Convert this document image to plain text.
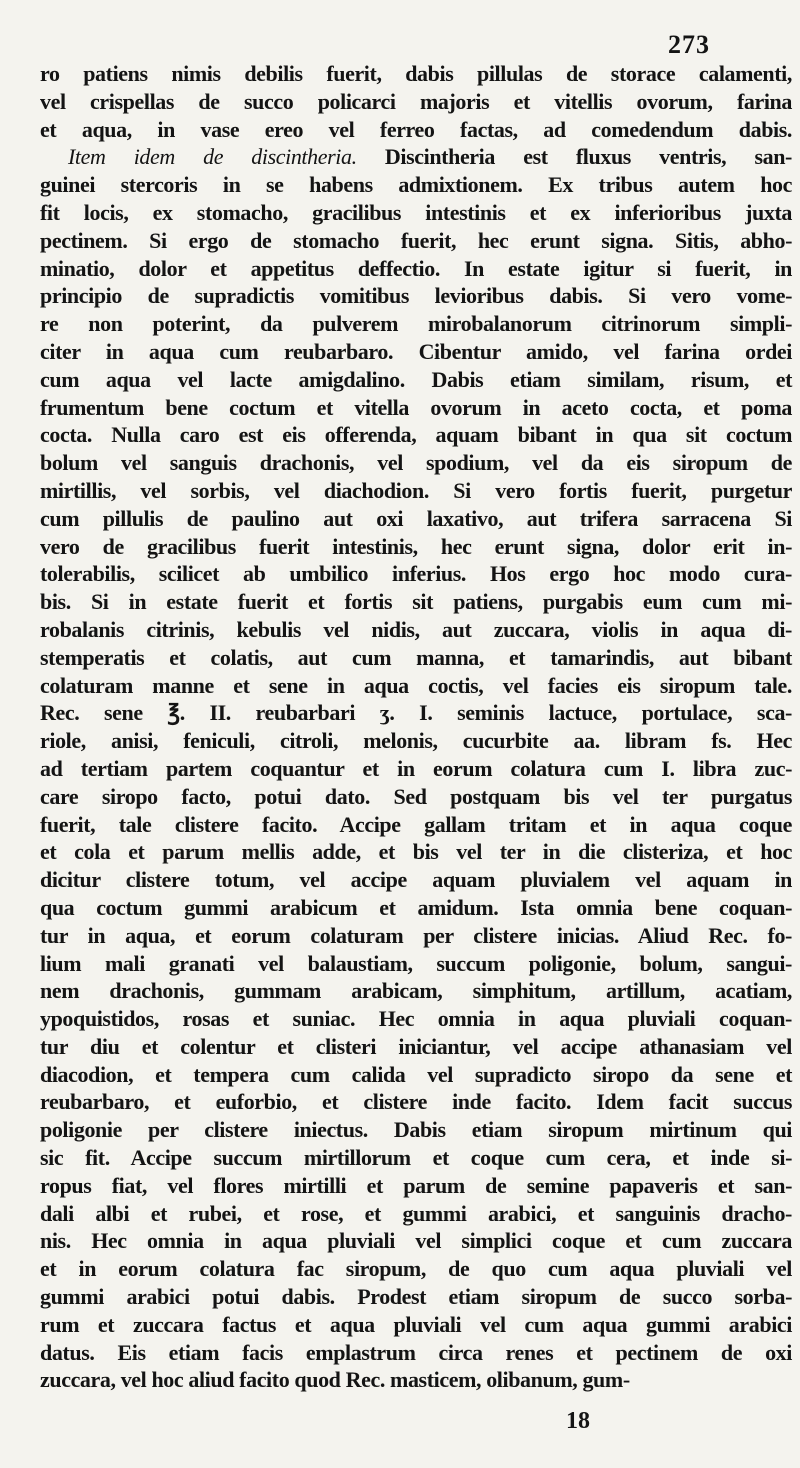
273
ro patiens nimis debilis fuerit, dabis pillulas de storace calamenti,
vel crispellas de succo policarci majoris et vitellis ovorum, farina
et aqua, in vase ereo vel ferreo factas, ad comedendum dabis.
Item idem de discintheria. Discintheria est fluxus ventris, san-
guinei stercoris in se habens admixtionem. Ex tribus autem hoc
fit locis, ex stomacho, gracilibus intestinis et ex inferioribus juxta
pectinem. Si ergo de stomacho fuerit, hec erunt signa. Sitis, abho-
minatio, dolor et appetitus deffectio. In estate igitur si fuerit, in
principio de supradictis vomitibus levioribus dabis. Si vero vome-
re non poterint, da pulverem mirobalanorum citrinorum simpli-
citer in aqua cum reubarbaro. Cibentur amido, vel farina ordei
cum aqua vel lacte amigdalino. Dabis etiam similam, risum, et
frumentum bene coctum et vitella ovorum in aceto cocta, et poma
cocta. Nulla caro est eis offerenda, aquam bibant in qua sit coctum
bolum vel sanguis drachonis, vel spodium, vel da eis siropum de
mirtillis, vel sorbis, vel diachodion. Si vero fortis fuerit, purgetur
cum pillulis de paulino aut oxi laxativo, aut trifera sarracena Si
vero de gracilibus fuerit intestinis, hec erunt signa, dolor erit in-
tolerabilis, scilicet ab umbilico inferius. Hos ergo hoc modo cura-
bis. Si in estate fuerit et fortis sit patiens, purgabis eum cum mi-
robalanis citrinis, kebulis vel nidis, aut zuccara, violis in aqua di-
stemperatis et colatis, aut cum manna, et tamarindis, aut bibant
colaturam manne et sene in aqua coctis, vel facies eis siropum tale.
Rec. sene ℥. II. reubarbari ʒ. I. seminis lactuce, portulace, sca-
riole, anisi, feniculi, citroli, melonis, cucurbite aa. libram fs. Hec
ad tertiam partem coquantur et in eorum colatura cum I. libra zuc-
care siropo facto, potui dato. Sed postquam bis vel ter purgatus
fuerit, tale clistere facito. Accipe gallam tritam et in aqua coque
et cola et parum mellis adde, et bis vel ter in die clisteriza, et hoc
dicitur clistere totum, vel accipe aquam pluvialem vel aquam in
qua coctum gummi arabicum et amidum. Ista omnia bene coquan-
tur in aqua, et eorum colaturam per clistere inicias. Aliud Rec. fo-
lium mali granati vel balaustiam, succum poligonie, bolum, sangui-
nem drachonis, gummam arabicam, simphitum, artillum, acatiam,
ypoquistidos, rosas et suniac. Hec omnia in aqua pluviali coquan-
tur diu et colentur et clisteri iniciantur, vel accipe athanasiam vel
diacodion, et tempera cum calida vel supradicto siropo da sene et
reubarbaro, et euforbio, et clistere inde facito. Idem facit succus
poligonie per clistere iniectus. Dabis etiam siropum mirtinum qui
sic fit. Accipe succum mirtillorum et coque cum cera, et inde si-
ropus fiat, vel flores mirtilli et parum de semine papaveris et san-
dali albi et rubei, et rose, et gummi arabici, et sanguinis dracho-
nis. Hec omnia in aqua pluviali vel simplici coque et cum zuccara
et in eorum colatura fac siropum, de quo cum aqua pluviali vel
gummi arabici potui dabis. Prodest etiam siropum de succo sorba-
rum et zuccara factus et aqua pluviali vel cum aqua gummi arabici
datus. Eis etiam facis emplastrum circa renes et pectinem de oxi
zuccara, vel hoc aliud facito quod Rec. masticem, olibanum, gum-
18
